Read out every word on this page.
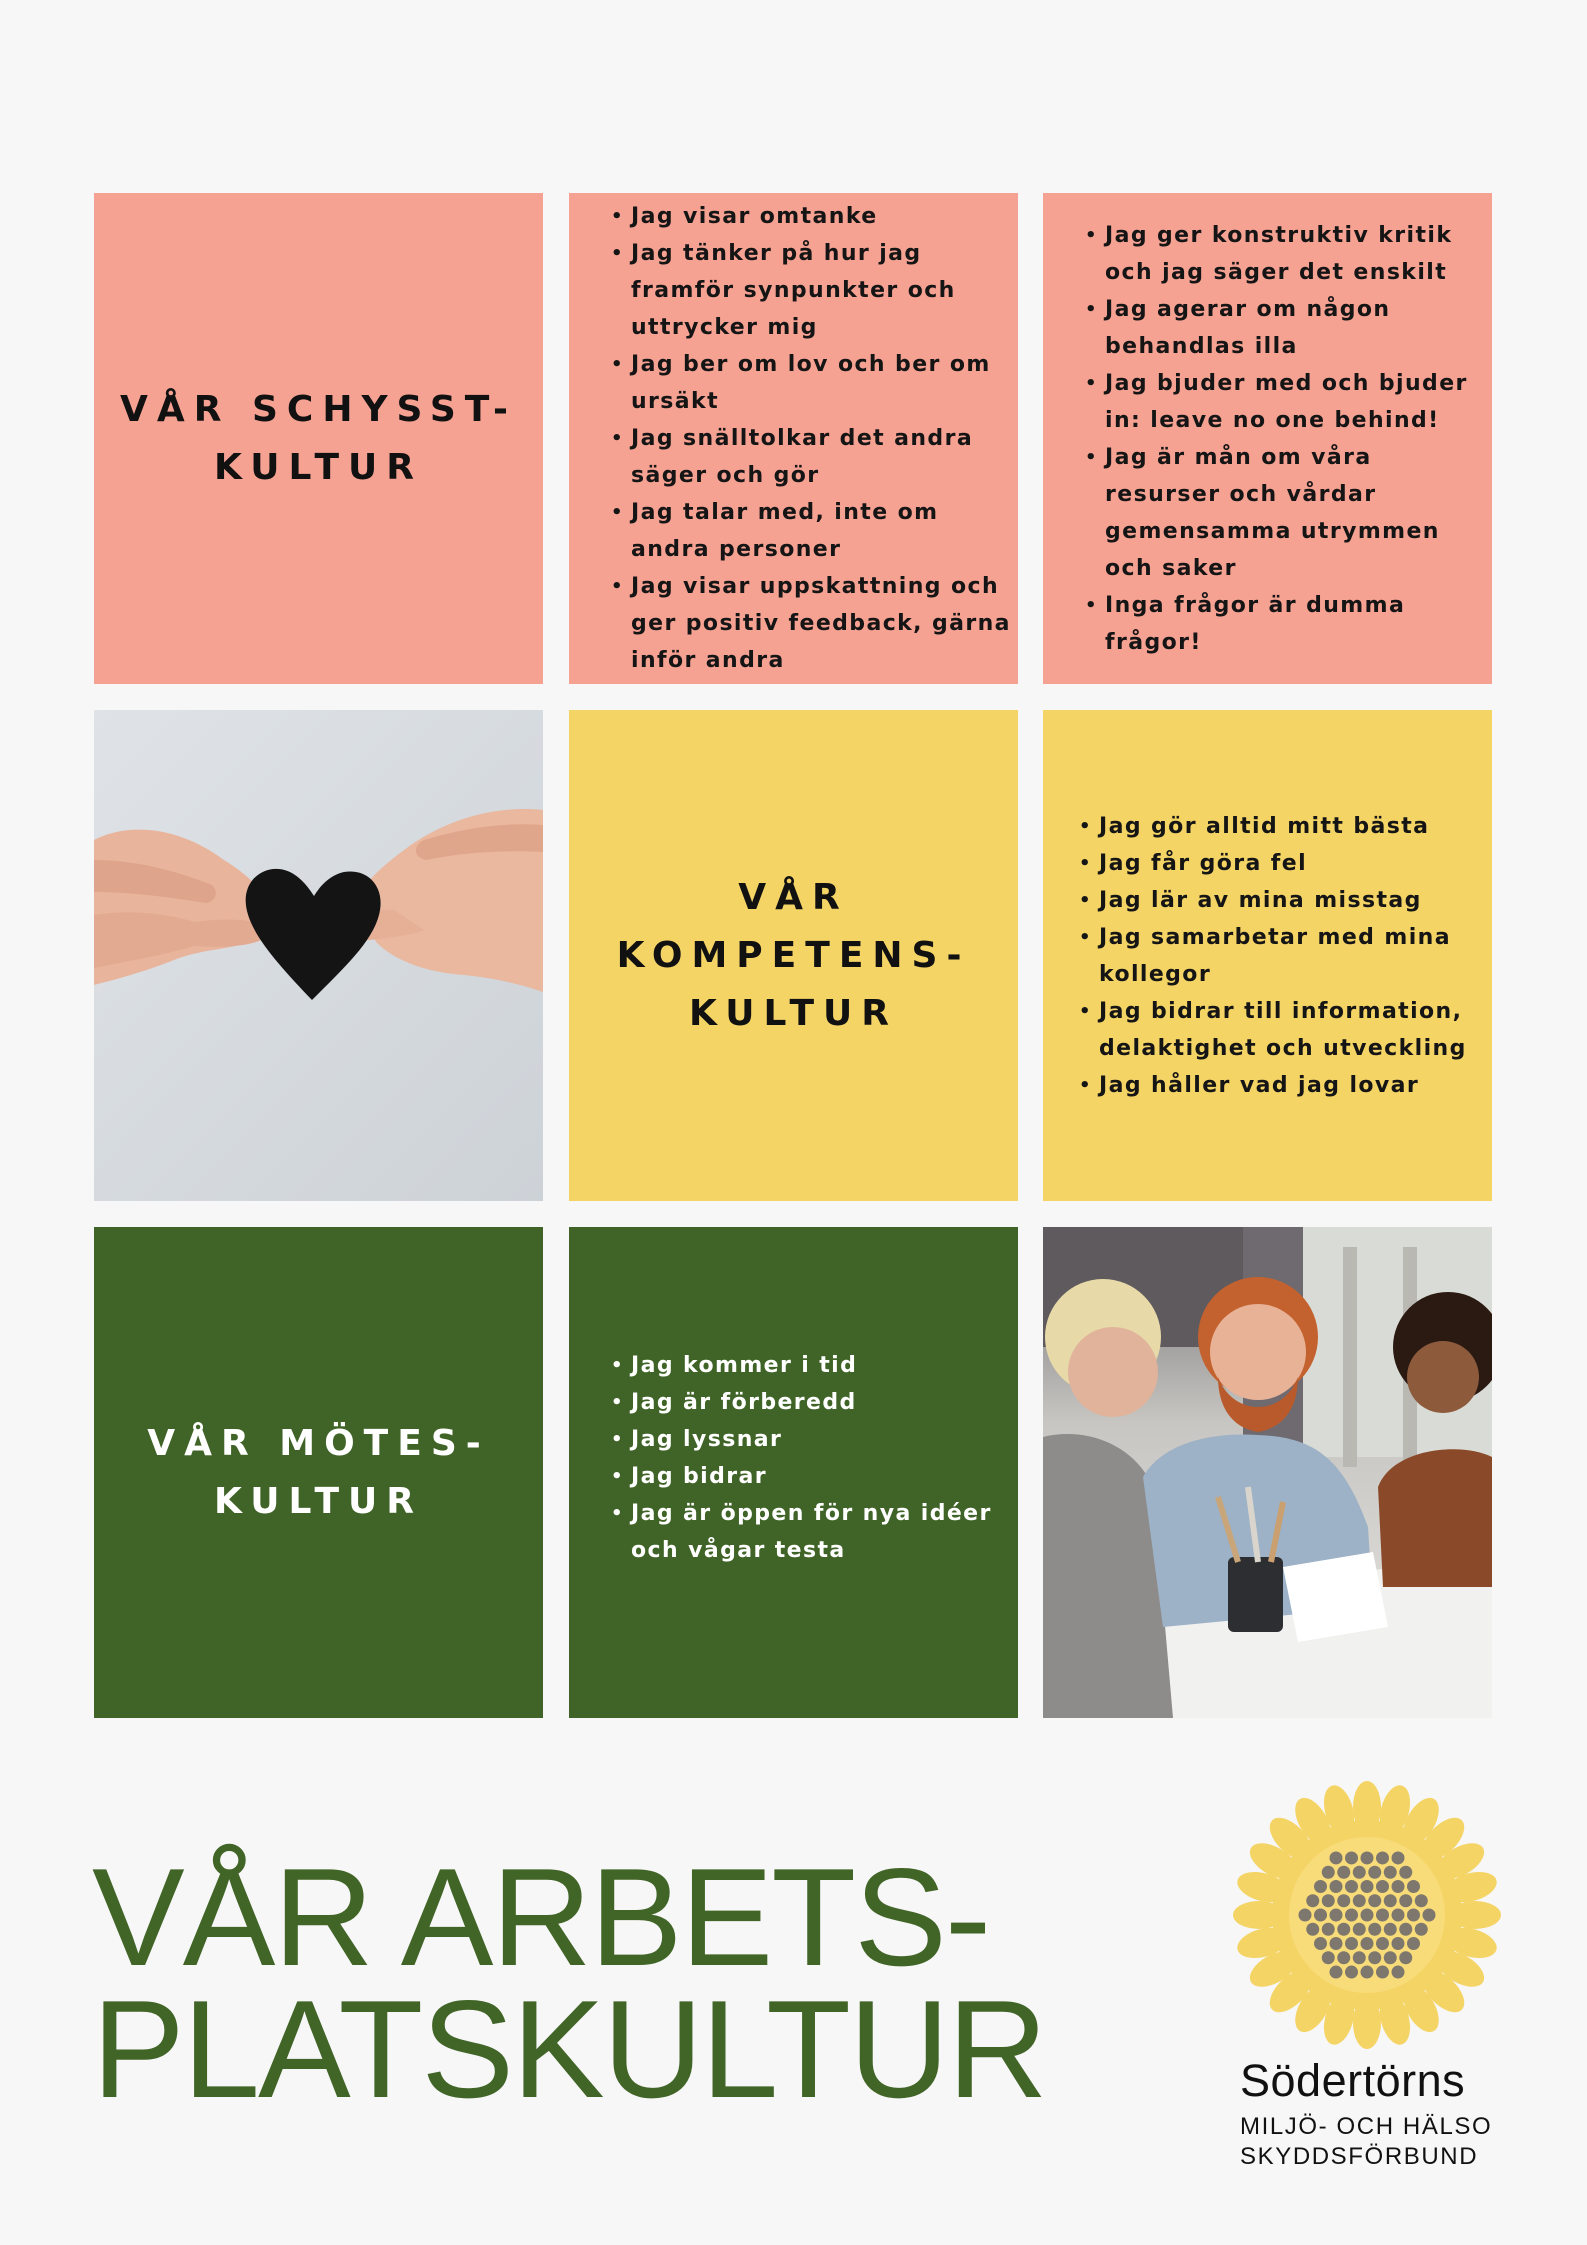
VÅR SCHYSST-
KULTUR
• Jag visar omtanke
• Jag tänker på hur jag framför synpunkter och uttrycker mig
• Jag ber om lov och ber om ursäkt
• Jag snälltolkar det andra säger och gör
• Jag talar med, inte om andra personer
• Jag visar uppskattning och ger positiv feedback, gärna inför andra
• Jag ger konstruktiv kritik och jag säger det enskilt
• Jag agerar om någon behandlas illa
• Jag bjuder med och bjuder in: leave no one behind!
• Jag är mån om våra resurser och vårdar gemensamma utrymmen och saker
• Inga frågor är dumma frågor!
VÅR
KOMPETENS-
KULTUR
• Jag gör alltid mitt bästa
• Jag får göra fel
• Jag lär av mina misstag
• Jag samarbetar med mina kollegor
• Jag bidrar till information, delaktighet och utveckling
• Jag håller vad jag lovar
VÅR MÖTES-
KULTUR
• Jag kommer i tid
• Jag är förberedd
• Jag lyssnar
• Jag bidrar
• Jag är öppen för nya idéer och vågar testa
VÅR ARBETS-
PLATSKULTUR	Södertörns
MILJÖ- OCH HÄLSO
SKYDDSFÖRBUND
